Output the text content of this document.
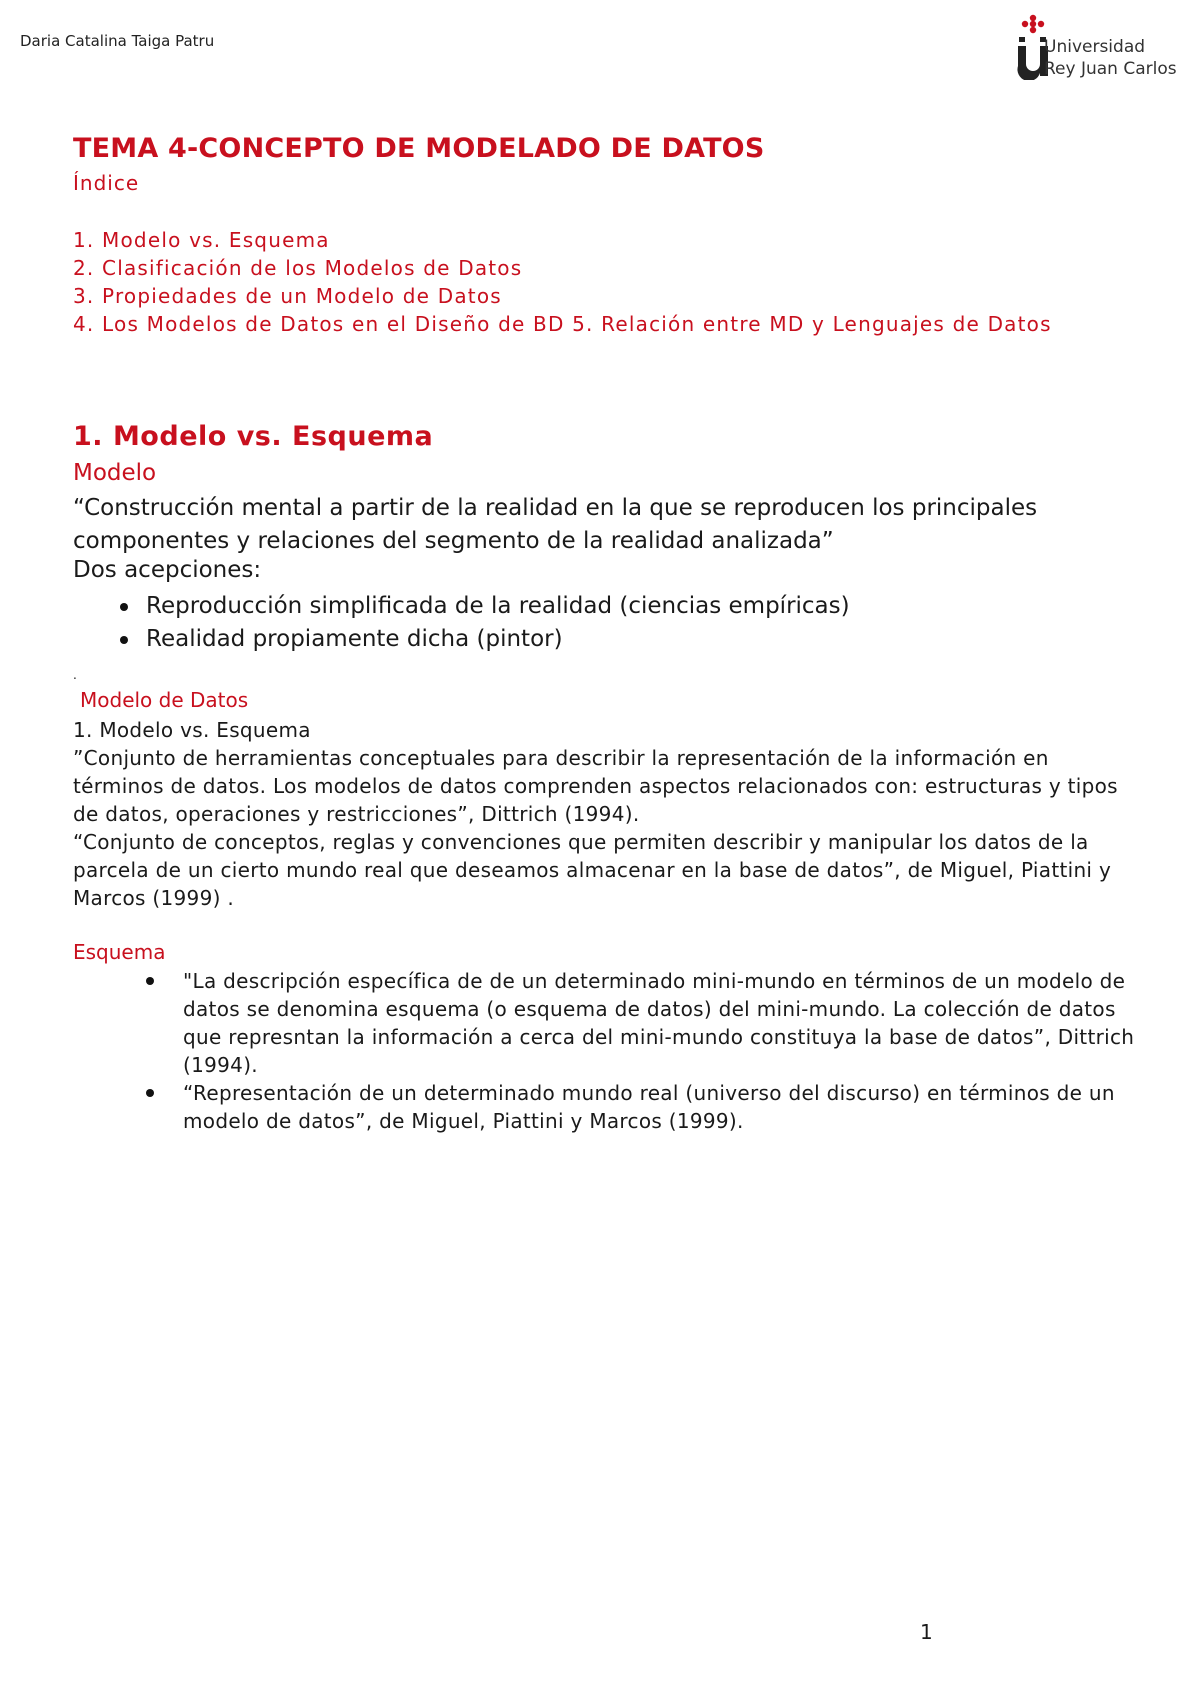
Daria Catalina Taiga Patru	Universidad
Rey Juan Carlos
TEMA 4-CONCEPTO DE MODELADO DE DATOS
Índice
1. Modelo vs. Esquema
2. Clasificación de los Modelos de Datos
3. Propiedades de un Modelo de Datos
4. Los Modelos de Datos en el Diseño de BD 5. Relación entre MD y Lenguajes de Datos
1. Modelo vs. Esquema
Modelo

“Construcción mental a partir de la realidad en la que se reproducen los principales componentes y relaciones del segmento de la realidad analizada”

Dos acepciones:
Reproducción simplificada de la realidad (ciencias empíricas)
Realidad propiamente dicha (pintor)
.
Modelo de Datos

1. Modelo vs. Esquema

”Conjunto de herramientas conceptuales para describir la representación de la información en términos de datos. Los modelos de datos comprenden aspectos relacionados con: estructuras y tipos de datos, operaciones y restricciones”, Dittrich (1994).

“Conjunto de conceptos, reglas y convenciones que permiten describir y manipular los datos de la parcela de un cierto mundo real que deseamos almacenar en la base de datos”, de Miguel, Piattini y Marcos (1999) .

Esquema
"La descripción específica de de un determinado mini-mundo en términos de un modelo de datos se denomina esquema (o esquema de datos) del mini-mundo. La colección de datos que represntan la información a cerca del mini-mundo constituya la base de datos”, Dittrich (1994).
“Representación de un determinado mundo real (universo del discurso) en términos de un modelo de datos”, de Miguel, Piattini y Marcos (1999).
1
